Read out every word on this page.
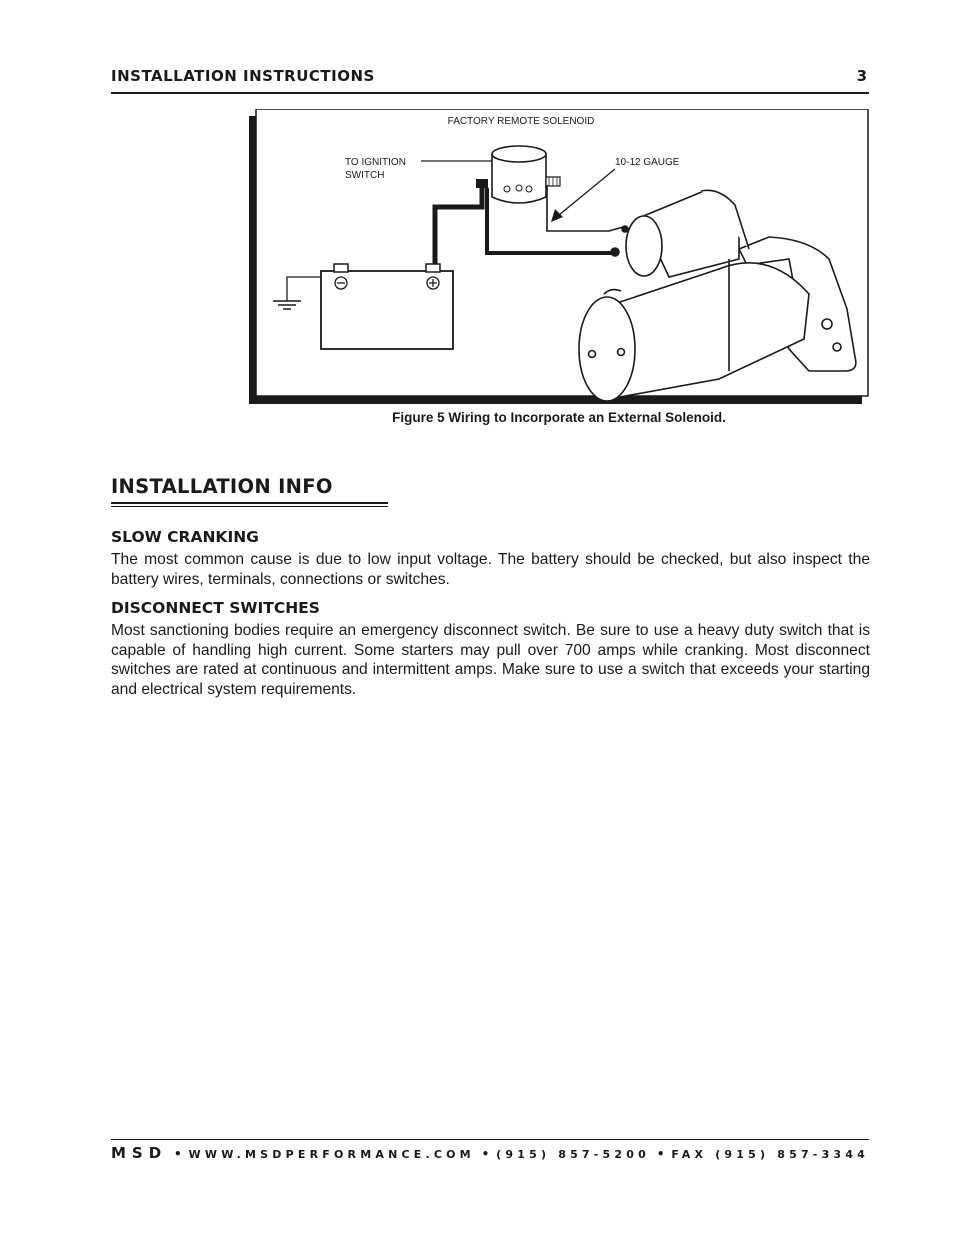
INSTALLATION INSTRUCTIONS	3
FACTORY REMOTE SOLENOID
TO IGNITION
SWITCH
10-12 GAUGE
Figure 5 Wiring to Incorporate an External Solenoid.
INSTALLATION INFO
SLOW CRANKING
The most common cause is due to low input voltage. The battery should be checked, but also inspect the battery wires, terminals, connections or switches.
DISCONNECT SWITCHES
Most sanctioning bodies require an emergency disconnect switch. Be sure to use a heavy duty switch that is capable of handling high current. Some starters may pull over 700 amps while cranking. Most disconnect switches are rated at continuous and intermittent amps. Make sure to use a switch that exceeds your starting and electrical system requirements.
MSD • WWW.MSDPERFORMANCE.COM • (915) 857-5200 • FAX (915) 857-3344
